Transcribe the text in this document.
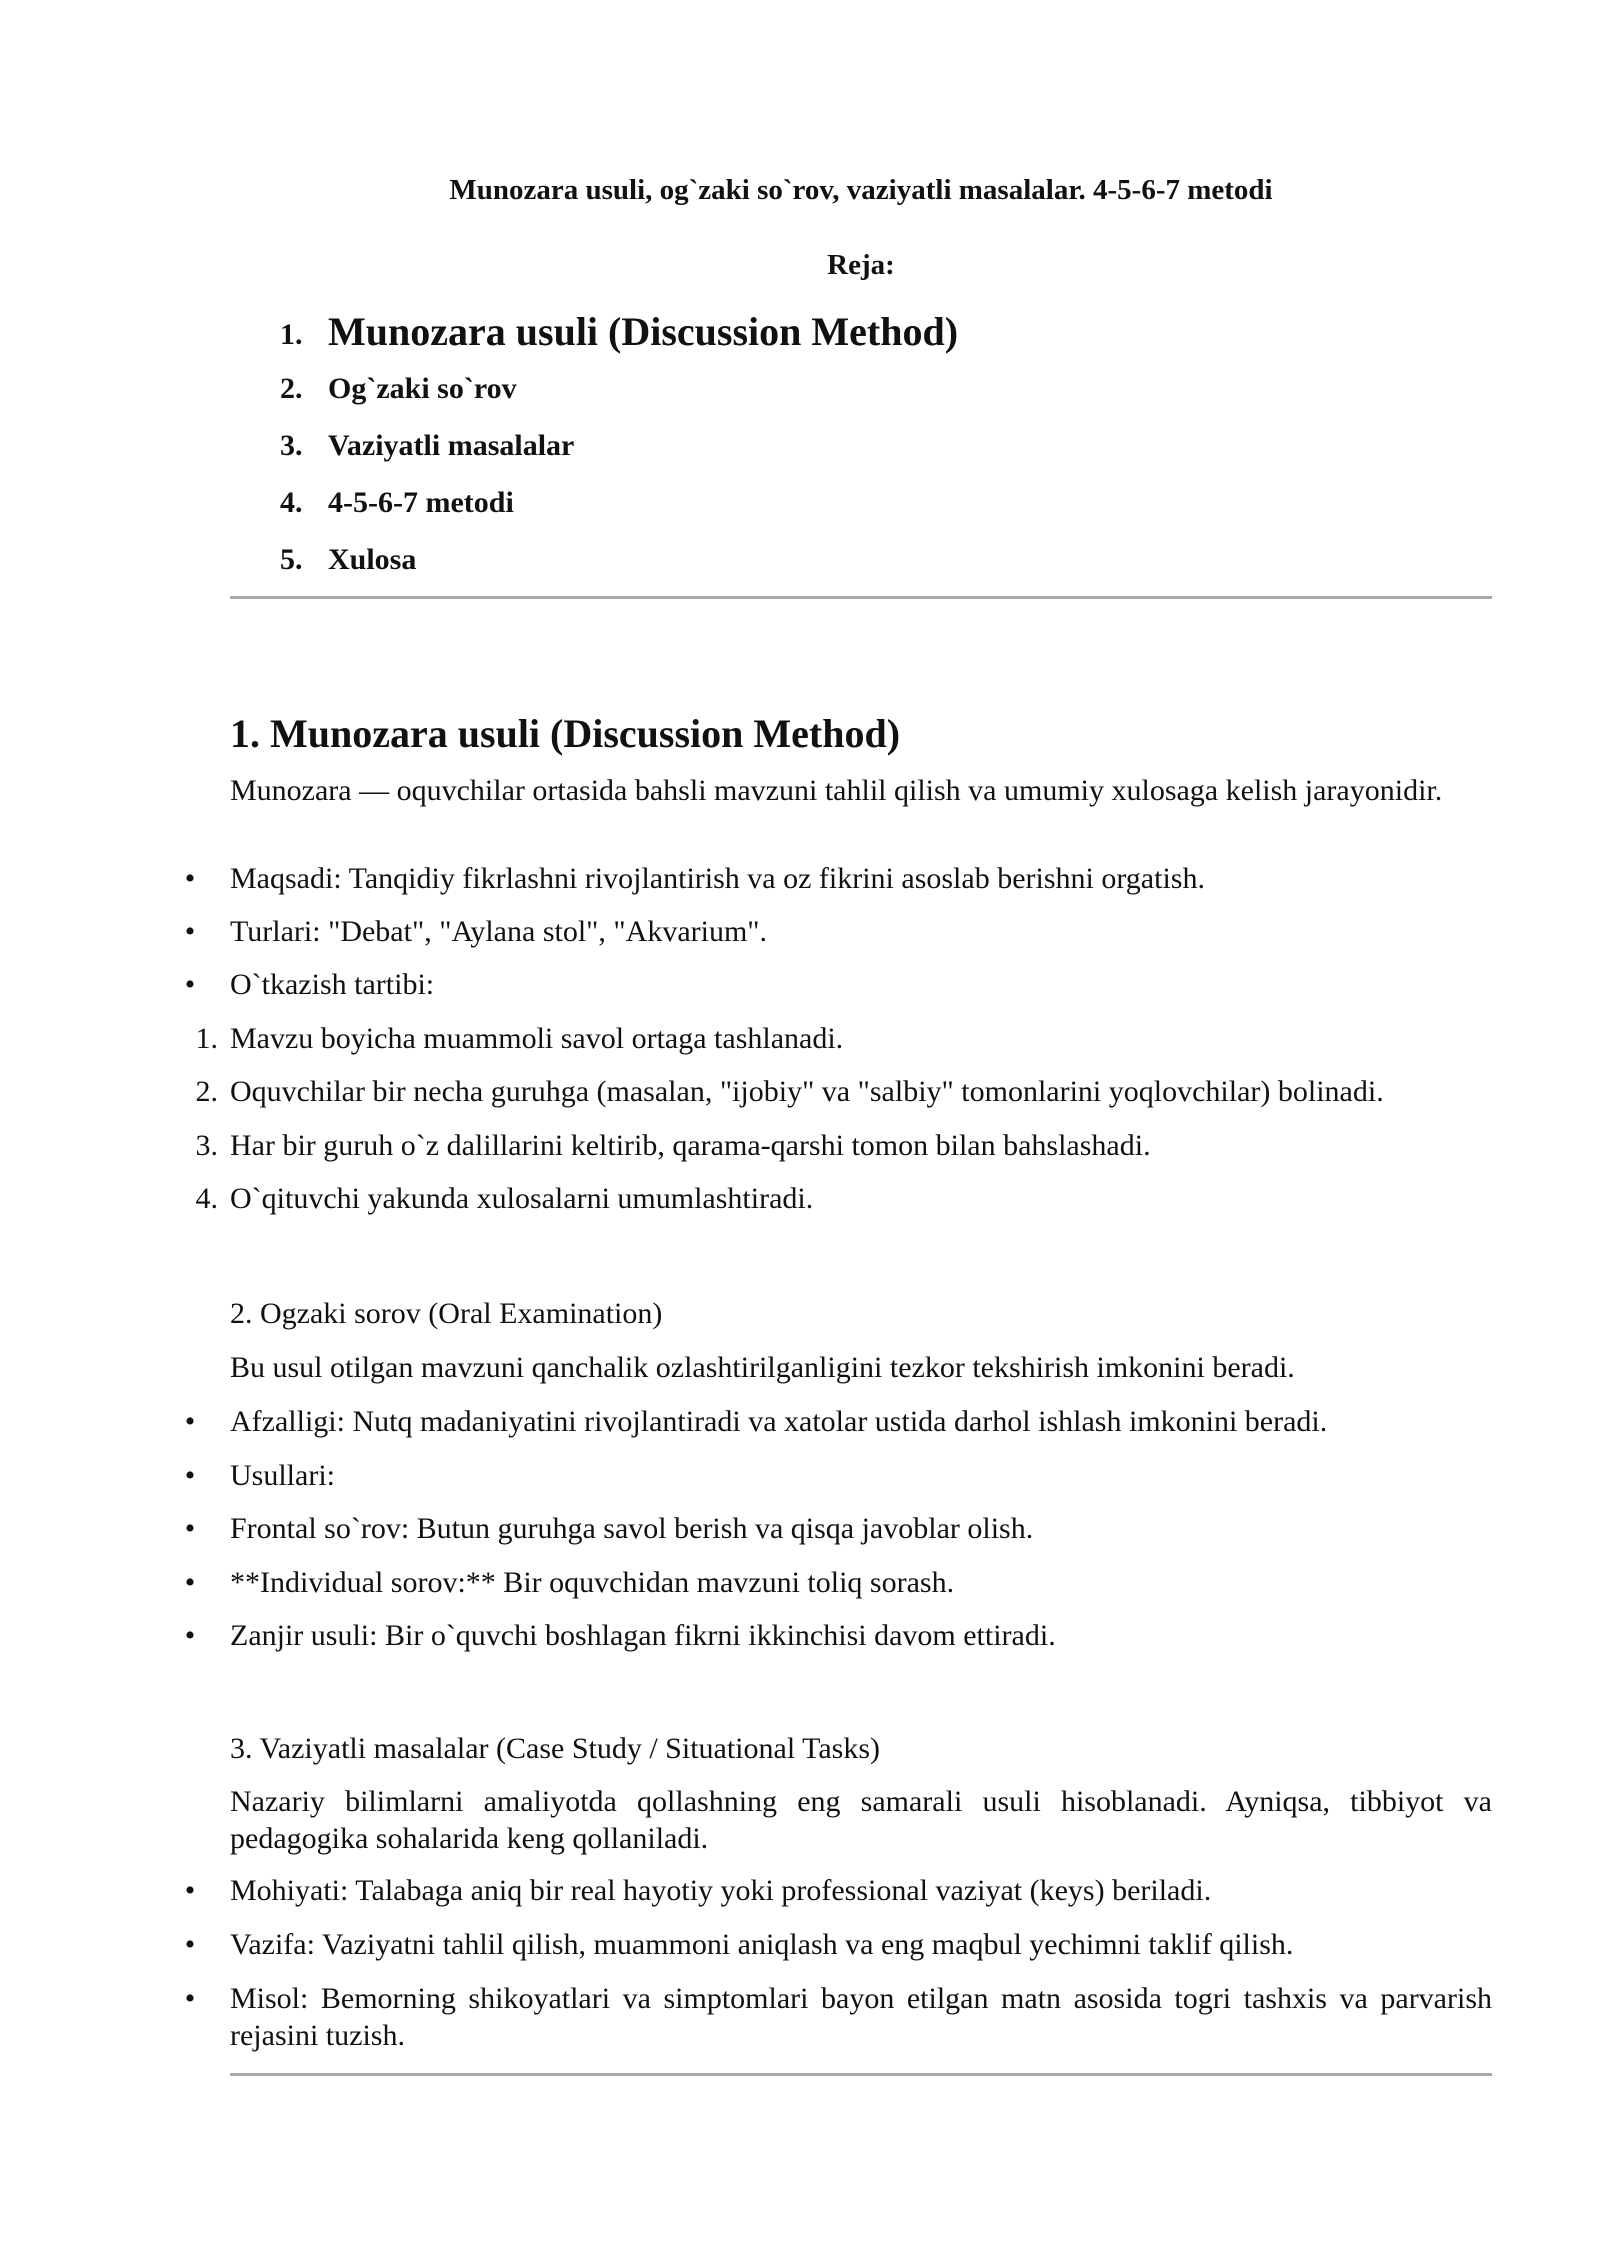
Munozara usuli, og`zaki so`rov, vaziyatli masalalar. 4-5-6-7 metodi
Reja:
1. Munozara usuli (Discussion Method)
2. Og`zaki so`rov
3. Vaziyatli masalalar
4. 4-5-6-7 metodi
5. Xulosa
1. Munozara usuli (Discussion Method)
Munozara — oquvchilar ortasida bahsli mavzuni tahlil qilish va umumiy xulosaga kelish jarayonidir.
• Maqsadi: Tanqidiy fikrlashni rivojlantirish va oz fikrini asoslab berishni orgatish.
• Turlari: "Debat", "Aylana stol", "Akvarium".
• O`tkazish tartibi:
1. Mavzu boyicha muammoli savol ortaga tashlanadi.
2. Oquvchilar bir necha guruhga (masalan, "ijobiy" va "salbiy" tomonlarini yoqlovchilar) bolinadi.
3. Har bir guruh o`z dalillarini keltirib, qarama-qarshi tomon bilan bahslashadi.
4. O`qituvchi yakunda xulosalarni umumlashtiradi.
2. Ogzaki sorov (Oral Examination)
Bu usul otilgan mavzuni qanchalik ozlashtirilganligini tezkor tekshirish imkonini beradi.
• Afzalligi: Nutq madaniyatini rivojlantiradi va xatolar ustida darhol ishlash imkonini beradi.
• Usullari:
• Frontal so`rov: Butun guruhga savol berish va qisqa javoblar olish.
• **Individual sorov:** Bir oquvchidan mavzuni toliq sorash.
• Zanjir usuli: Bir o`quvchi boshlagan fikrni ikkinchisi davom ettiradi.
3. Vaziyatli masalalar (Case Study / Situational Tasks)
Nazariy bilimlarni amaliyotda qollashning eng samarali usuli hisoblanadi. Ayniqsa, tibbiyot va pedagogika sohalarida keng qollaniladi.
• Mohiyati: Talabaga aniq bir real hayotiy yoki professional vaziyat (keys) beriladi.
• Vazifa: Vaziyatni tahlil qilish, muammoni aniqlash va eng maqbul yechimni taklif qilish.
• Misol: Bemorning shikoyatlari va simptomlari bayon etilgan matn asosida togri tashxis va parvarish rejasini tuzish.
